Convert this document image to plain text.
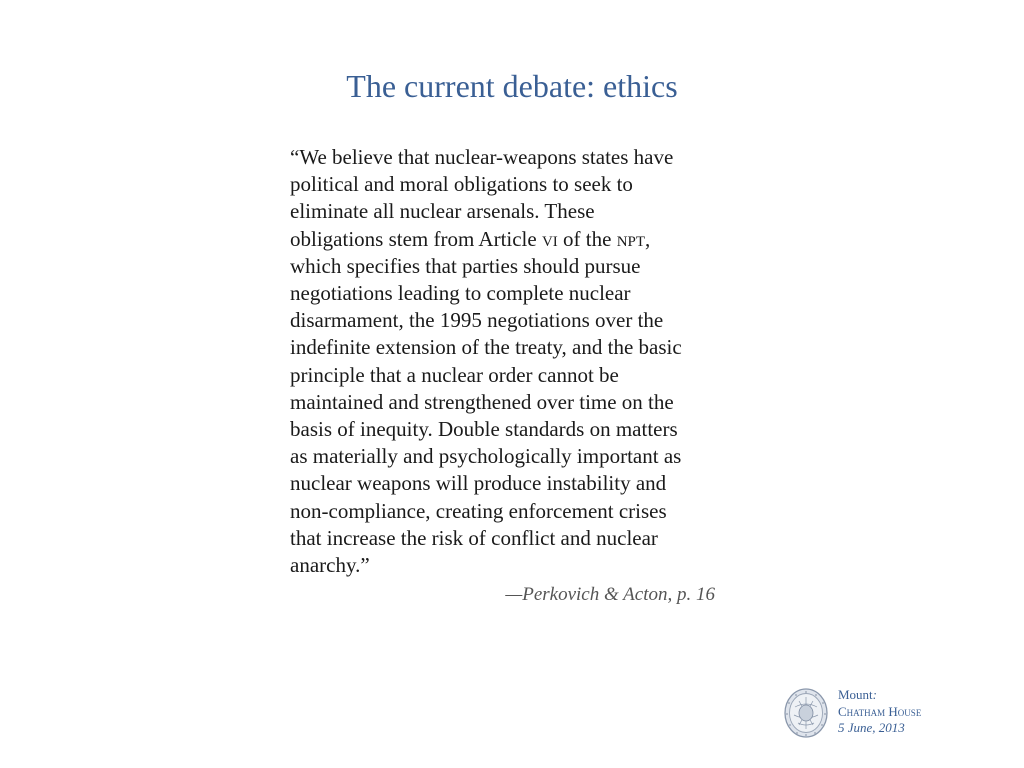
The current debate: ethics
“We believe that nuclear-weapons states have
political and moral obligations to seek to
eliminate all nuclear arsenals. These
obligations stem from Article vi of the npt,
which specifies that parties should pursue
negotiations leading to complete nuclear
disarmament, the 1995 negotiations over the
indefinite extension of the treaty, and the basic
principle that a nuclear order cannot be
maintained and strengthened over time on the
basis of inequity. Double standards on matters
as materially and psychologically important as
nuclear weapons will produce instability and
non-compliance, creating enforcement crises
that increase the risk of conflict and nuclear
anarchy.”
—Perkovich & Acton, p. 16
Mount:
Chatham House
5 June, 2013
